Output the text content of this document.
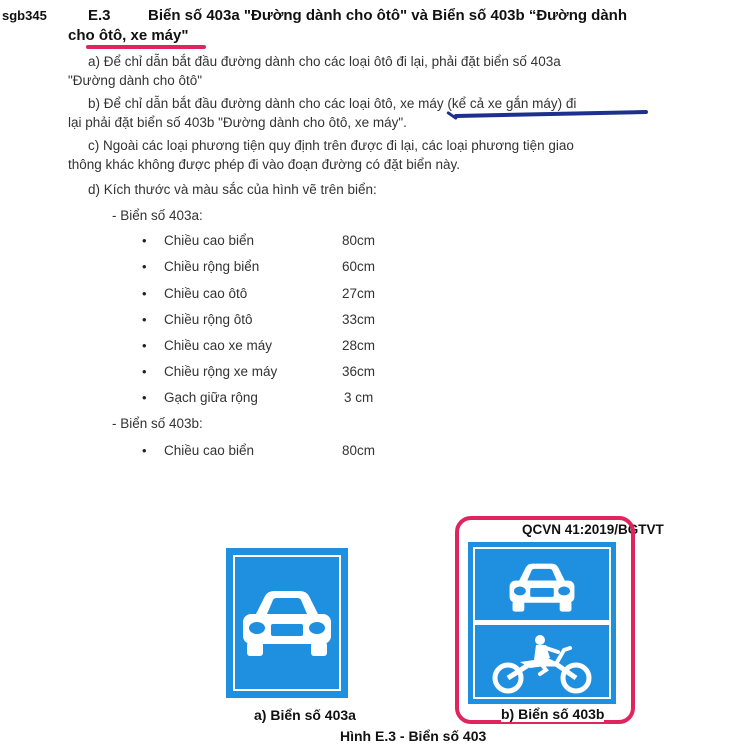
sgb345	E.3 Biển số 403a "Đường dành cho ôtô" và Biển số 403b “Đường dành
cho ôtô, xe máy"
a) Để chỉ dẫn bắt đầu đường dành cho các loại ôtô đi lại, phải đặt biển số 403a
"Đường dành cho ôtô"
b) Để chỉ dẫn bắt đầu đường dành cho các loại ôtô, xe máy (kể cả xe gắn máy) đi
lại phải đặt biển số 403b "Đường dành cho ôtô, xe máy".
c) Ngoài các loại phương tiện quy định trên được đi lại, các loại phương tiện giao
thông khác không được phép đi vào đoạn đường có đặt biển này.
d) Kích thước và màu sắc của hình vẽ trên biển:
- Biển số 403a:
• Chiều cao biển	80cm
• Chiều rộng biển	60cm
• Chiều cao ôtô	27cm
• Chiều rộng ôtô	33cm
• Chiều cao xe máy	28cm
• Chiều rộng xe máy	36cm
• Gạch giữa rộng	3 cm
- Biển số 403b:
• Chiều cao biển	80cm
QCVN 41:2019/BGTVT
a) Biển số 403a	b) Biển số 403b
Hình E.3 - Biển số 403
